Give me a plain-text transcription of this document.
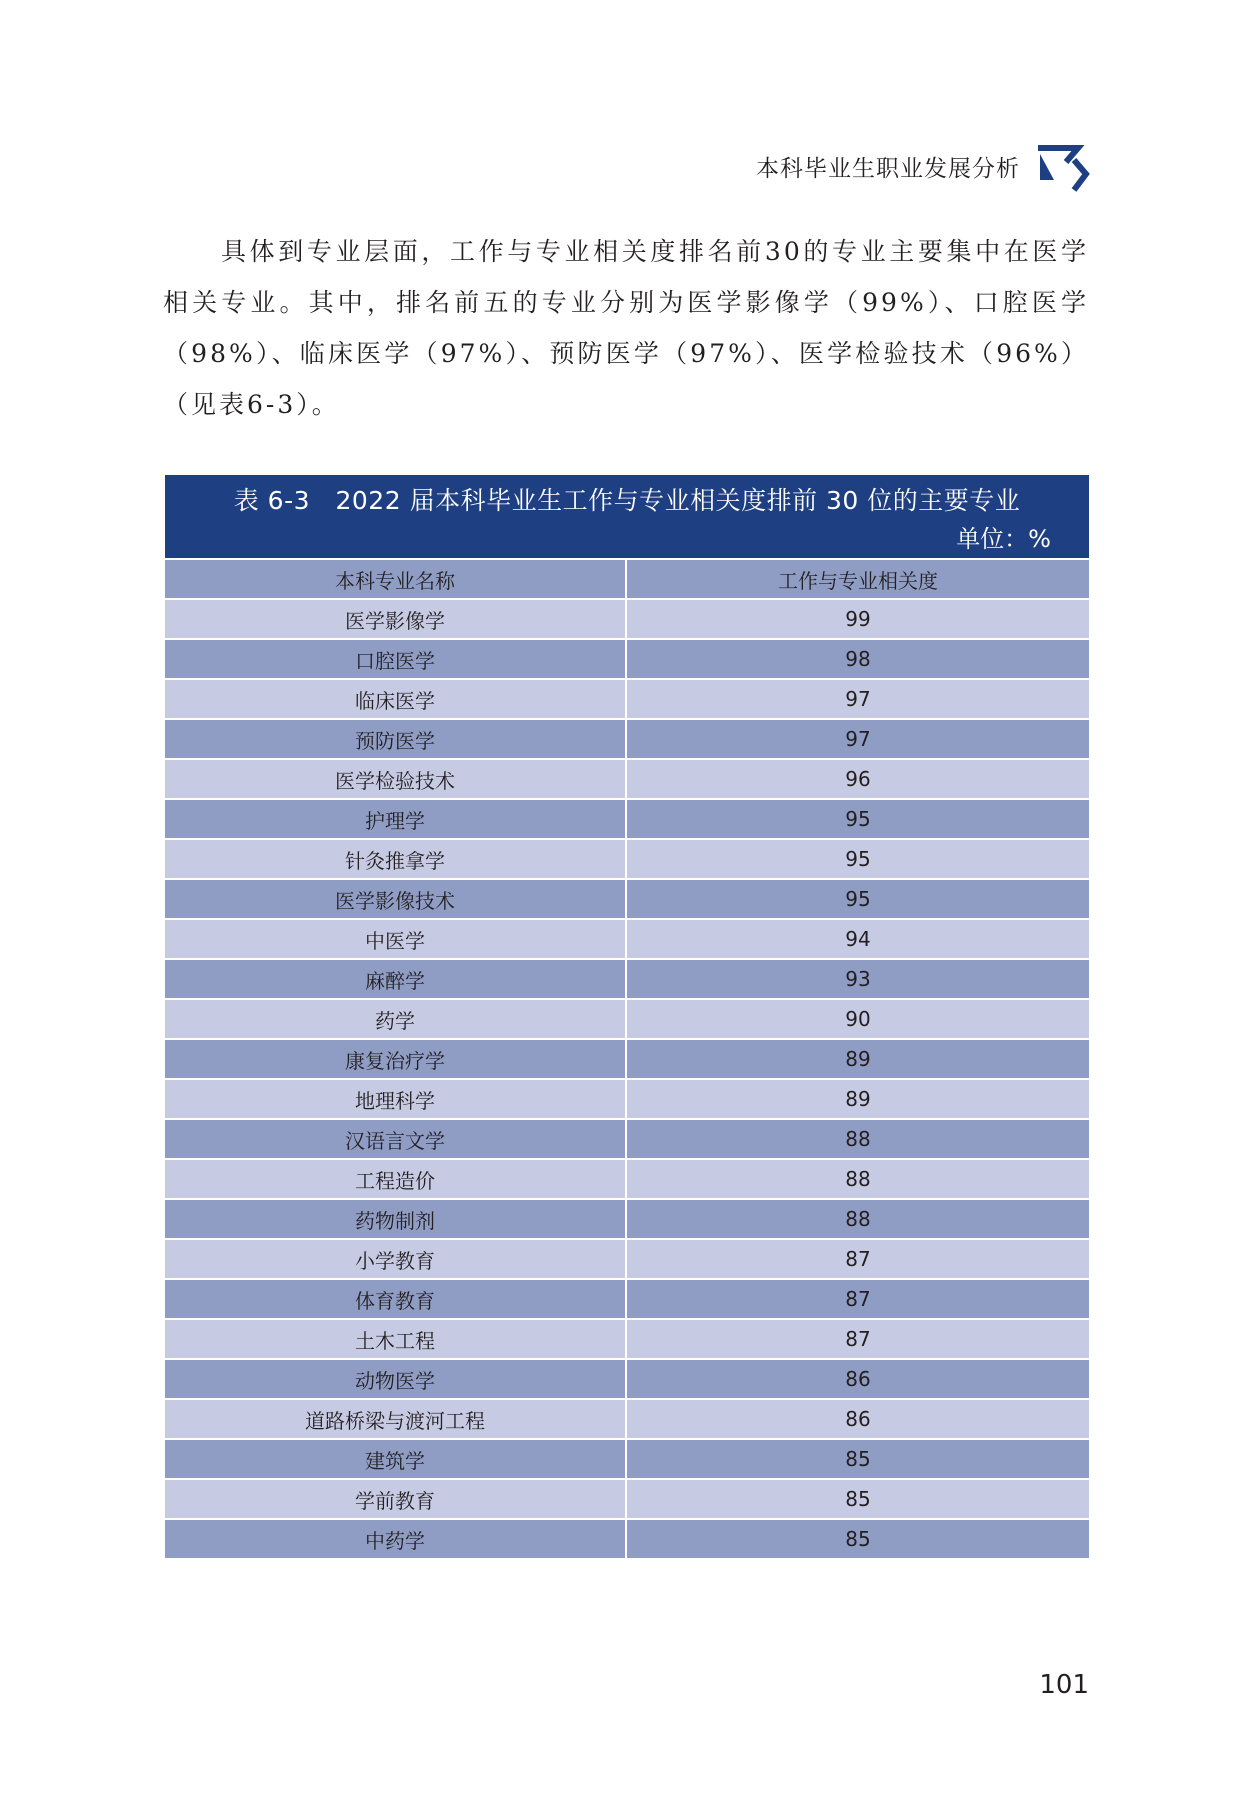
本科毕业生职业发展分析

具体到专业层面，工作与专业相关度排名前30的专业主要集中在医学相关专业。其中，排名前五的专业分别为医学影像学（99%）、口腔医学（98%）、临床医学（97%）、预防医学（97%）、医学检验技术（96%）（见表6-3）。

表 6-3　2022 届本科毕业生工作与专业相关度排前 30 位的主要专业
单位：%
本科专业名称	工作与专业相关度
医学影像学	99
口腔医学	98
临床医学	97
预防医学	97
医学检验技术	96
护理学	95
针灸推拿学	95
医学影像技术	95
中医学	94
麻醉学	93
药学	90
康复治疗学	89
地理科学	89
汉语言文学	88
工程造价	88
药物制剂	88
小学教育	87
体育教育	87
土木工程	87
动物医学	86
道路桥梁与渡河工程	86
建筑学	85
学前教育	85
中药学	85
101
